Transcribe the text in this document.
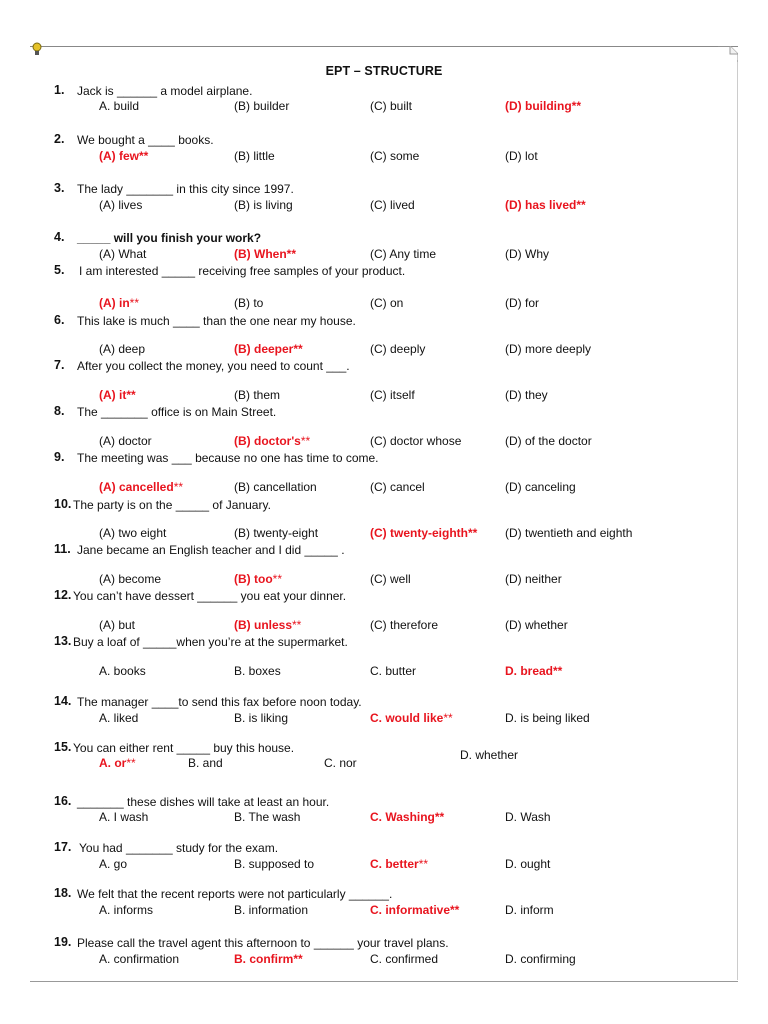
EPT – STRUCTURE
1. Jack is ______ a model airplane.
A. build	(B) builder	(C) built	(D) building**
2. We bought a ____ books.
(A) few**	(B) little	(C) some	(D) lot
3. The lady _______ in this city since 1997.
(A) lives	(B) is living	(C) lived	(D) has lived**
4. _____ will you finish your work?
(A) What	(B) When**	(C) Any time	(D) Why
5. I am interested _____ receiving free samples of your product.
(A) in**	(B) to	(C) on	(D) for
6. This lake is much ____ than the one near my house.
(A) deep	(B) deeper**	(C) deeply	(D) more deeply
7. After you collect the money, you need to count ___.
(A) it**	(B) them	(C) itself	(D) they
8. The _______ office is on Main Street.
(A) doctor	(B) doctor's**	(C) doctor whose	(D) of the doctor
9. The meeting was ___ because no one has time to come.
(A) cancelled**	(B) cancellation	(C) cancel	(D) canceling
10. The party is on the _____ of January.
(A) two eight	(B) twenty-eight	(C) twenty-eighth** (D) twentieth and eighth
11. Jane became an English teacher and I did _____ .
(A) become	(B) too**	(C) well	(D) neither
12. You can’t have dessert ______ you eat your dinner.
(A) but	(B) unless**	(C) therefore	(D) whether
13. Buy a loaf of _____when you’re at the supermarket.
A. books	B. boxes	C. butter	D. bread**
14. The manager ____to send this fax before noon today.
A. liked	B. is liking	C. would like**	D. is being liked
15. You can either rent _____ buy this house.
A. or**	B. and	C. nor
D. whether
16. _______ these dishes will take at least an hour.
A. I wash	B. The wash	C. Washing**	D. Wash
17. You had _______ study for the exam.
A. go	B. supposed to	C. better**	D. ought
18. We felt that the recent reports were not particularly ______.
A. informs	B. information	C. informative**	D. inform
19. Please call the travel agent this afternoon to ______ your travel plans.
A. confirmation	B. confirm**	C. confirmed	D. confirming
